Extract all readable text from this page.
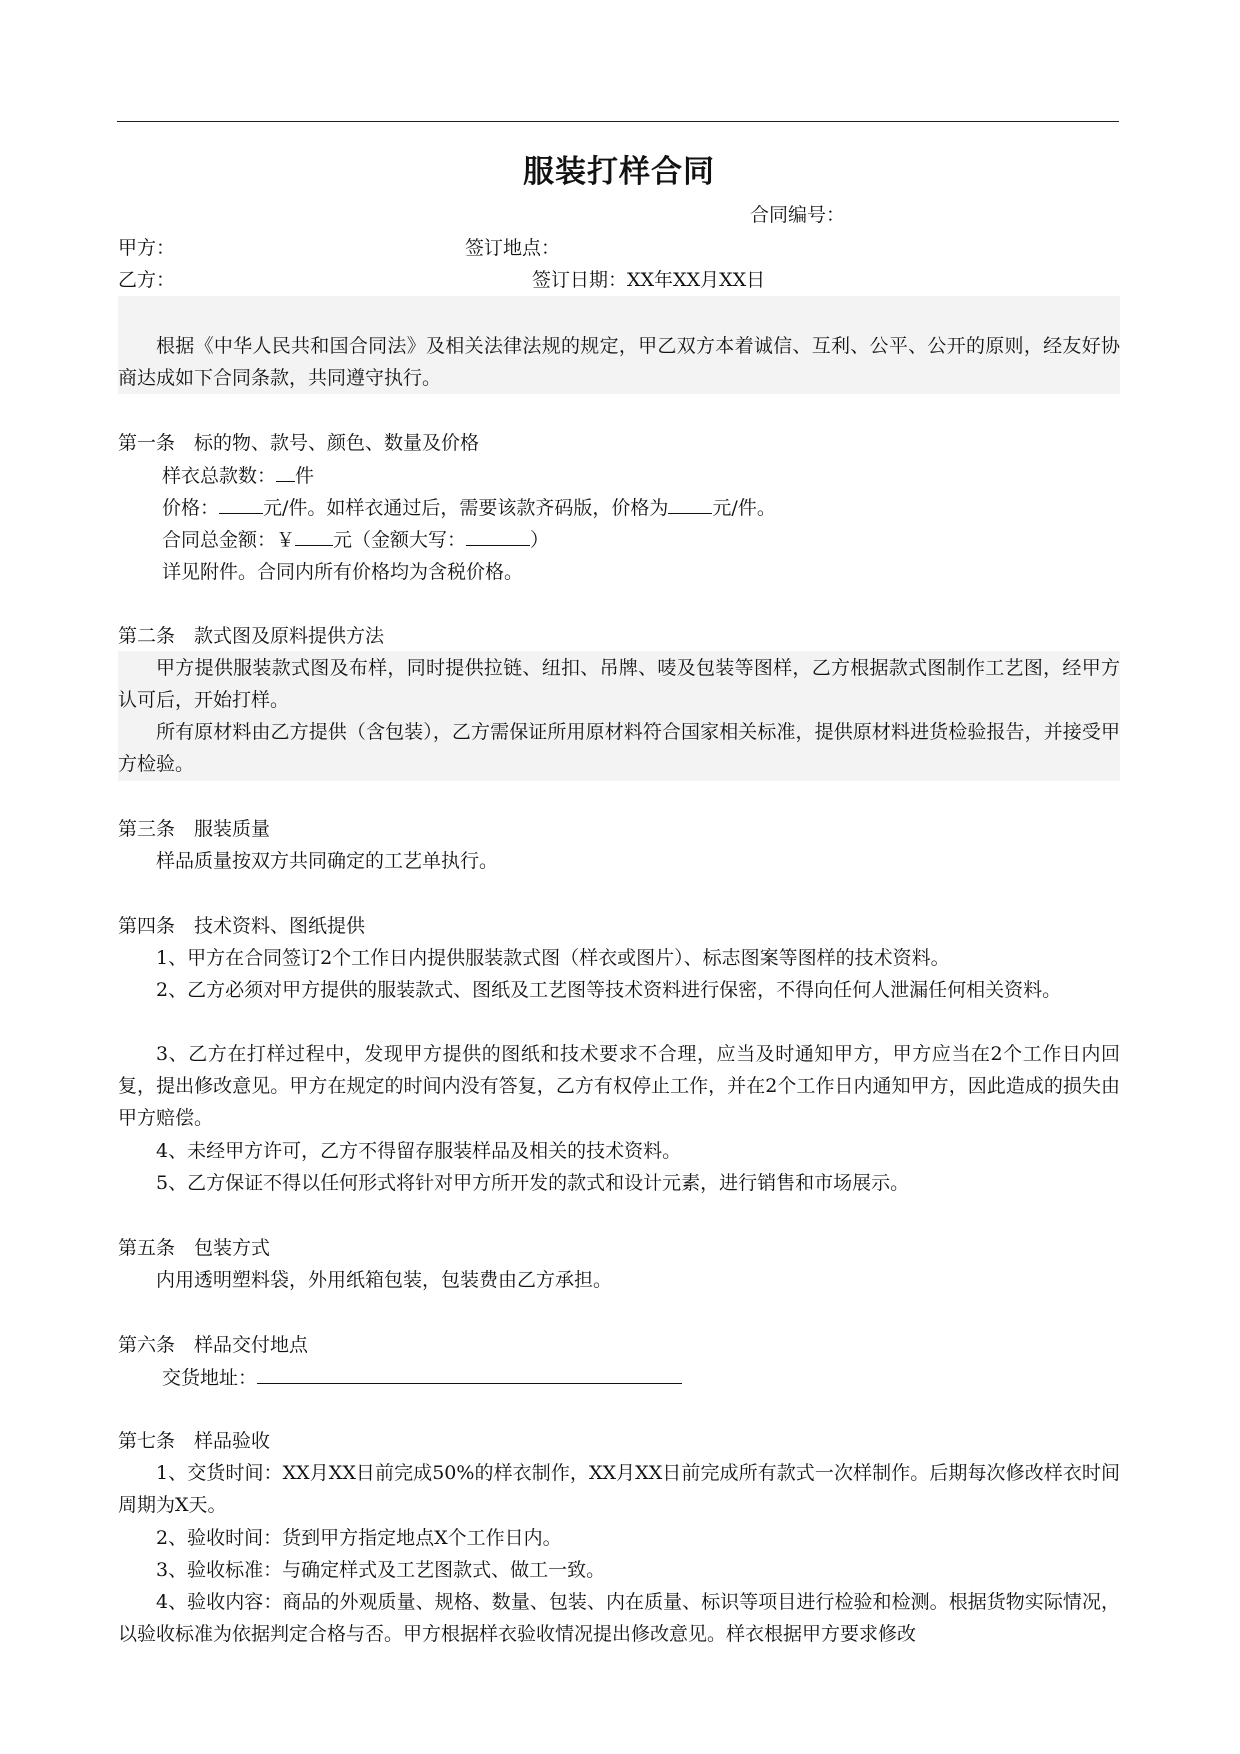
服装打样合同
合同编号：
甲方：	签订地点：
乙方：	签订日期：XX年XX月XX日
根据《中华人民共和国合同法》及相关法律法规的规定，甲乙双方本着诚信、互利、公平、公开的原则，经友好协商达成如下合同条款，共同遵守执行。
第一条　标的物、款号、颜色、数量及价格
样衣总款数： 件
价格： 元/件。如样衣通过后，需要该款齐码版，价格为 元/件。
合同总金额：￥ 元（金额大写：	）
详见附件。合同内所有价格均为含税价格。
第二条　款式图及原料提供方法
甲方提供服装款式图及布样，同时提供拉链、纽扣、吊牌、唛及包装等图样，乙方根据款式图制作工艺图，经甲方认可后，开始打样。
所有原材料由乙方提供（含包装），乙方需保证所用原材料符合国家相关标准，提供原材料进货检验报告，并接受甲方检验。
第三条　服装质量
样品质量按双方共同确定的工艺单执行。
第四条　技术资料、图纸提供
1、甲方在合同签订2个工作日内提供服装款式图（样衣或图片）、标志图案等图样的技术资料。
2、乙方必须对甲方提供的服装款式、图纸及工艺图等技术资料进行保密，不得向任何人泄漏任何相关资料。
3、乙方在打样过程中，发现甲方提供的图纸和技术要求不合理，应当及时通知甲方，甲方应当在2个工作日内回复，提出修改意见。甲方在规定的时间内没有答复，乙方有权停止工作，并在2个工作日内通知甲方，因此造成的损失由甲方赔偿。
4、未经甲方许可，乙方不得留存服装样品及相关的技术资料。
5、乙方保证不得以任何形式将针对甲方所开发的款式和设计元素，进行销售和市场展示。
第五条　包装方式
内用透明塑料袋，外用纸箱包装，包装费由乙方承担。
第六条　样品交付地点
交货地址：
第七条　样品验收
1、交货时间：XX月XX日前完成50%的样衣制作，XX月XX日前完成所有款式一次样制作。后期每次修改样衣时间周期为X天。
2、验收时间：货到甲方指定地点X个工作日内。
3、验收标准：与确定样式及工艺图款式、做工一致。
4、验收内容：商品的外观质量、规格、数量、包装、内在质量、标识等项目进行检验和检测。根据货物实际情况，以验收标准为依据判定合格与否。甲方根据样衣验收情况提出修改意见。样衣根据甲方要求修改
